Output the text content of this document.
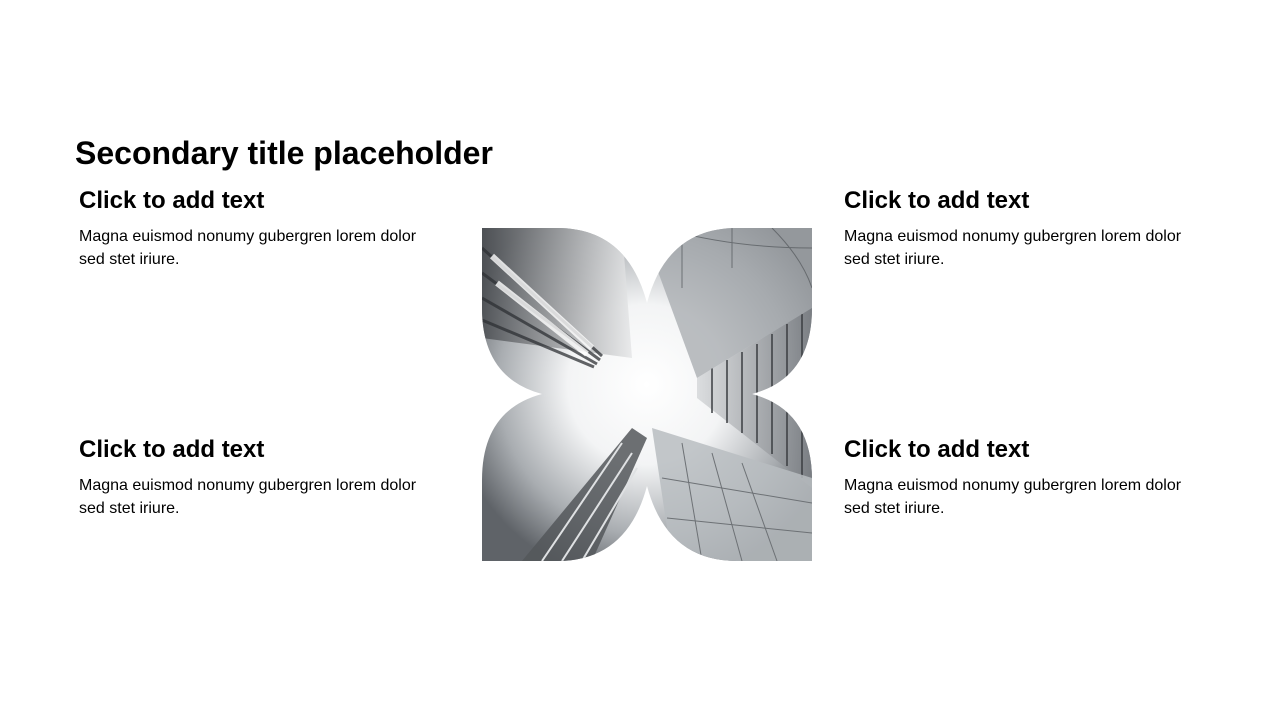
Secondary title placeholder
Click to add text

Magna euismod nonumy gubergren lorem dolor sed stet iriure.

Click to add text

Magna euismod nonumy gubergren lorem dolor sed stet iriure.

Click to add text

Magna euismod nonumy gubergren lorem dolor sed stet iriure.

Click to add text

Magna euismod nonumy gubergren lorem dolor sed stet iriure.
